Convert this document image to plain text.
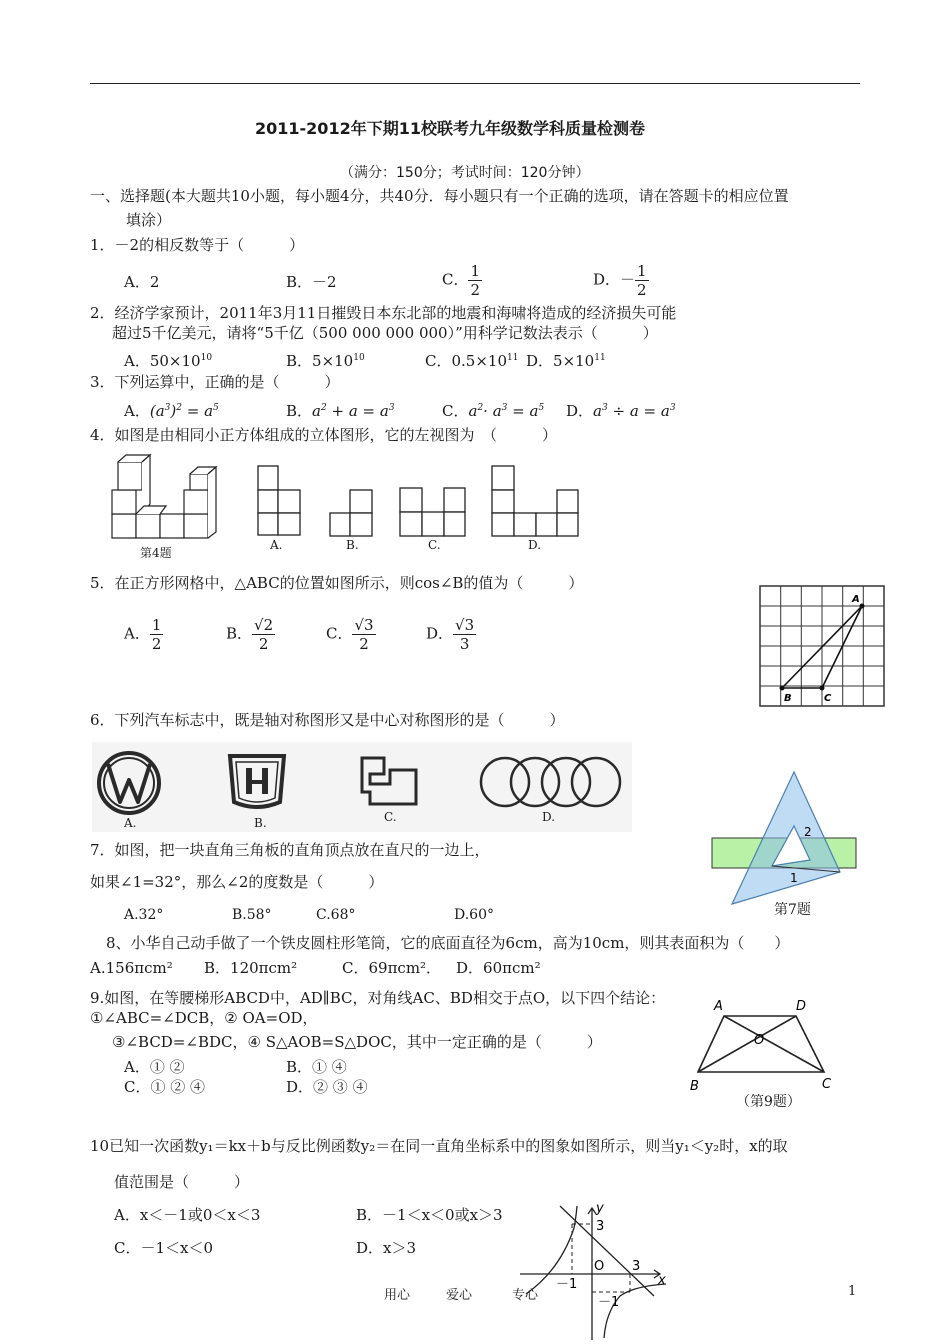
2011-2012年下期11校联考九年级数学科质量检测卷
（满分：150分；考试时间：120分钟）
一、选择题(本大题共10小题，每小题4分，共40分．每小题只有一个正确的选项，请在答题卡的相应位置
填涂）
1．－2的相反数等于（　　　）
A．2	B．－2	C． $\frac{1}{2}$	D．－ $\frac{1}{2}$
2．经济学家预计，2011年3月11日摧毁日本东北部的地震和海啸将造成的经济损失可能
超过5千亿美元，请将“5千亿（500 000 000 000）”用科学记数法表示（　　　）
A．$50\times 10^{10}$	B．$5\times 10^{10}$	C．$0.5\times 10^{11}$ D．$5\times 10^{11}$
3．下列运算中，正确的是（　　　）
A．$(a^3)^2 = a^5$	B．$a^2 + a = a^3$	C．$a^2\cdot a^3 = a^5$ D．$a^3 \div a = a^3$
4．如图是由相同小正方体组成的立体图形，它的左视图为　（　　　）
第4题
A.	B.	C.	D.
5．在正方形网格中，△ABC的位置如图所示，则cos∠B的值为（　　　）
A． $\frac{1}{2}$	B． $\frac{√2}{2}$	C． $\frac{√3}{2}$	D． $\frac{√3}{3}$
A
B	C
6．下列汽车标志中，既是轴对称图形又是中心对称图形的是（　　　）
A.	B.	C.	D.
7．如图，把一块直角三角板的直角顶点放在直尺的一边上，
如果∠1=32°，那么∠2的度数是（　　　）
A.32°	B.58°	C.68°	D.60°
2
1
第7题
8、小华自己动手做了一个铁皮圆柱形笔筒，它的底面直径为6cm，高为10cm，则其表面积为（　　）
A.156πcm² B．120πcm²	C．69πcm²． D．60πcm²
9.如图，在等腰梯形ABCD中，AD∥BC，对角线AC、BD相交于点O，以下四个结论：
①∠ABC=∠DCB，② OA=OD，
③∠BCD=∠BDC，④ S△AOB=S△DOC，其中一定正确的是（　　　）
A．① ②	B．① ④
C．① ② ④	D．② ③ ④
A	D
O
B	C
（第9题）
10已知一次函数y₁＝kx＋b与反比例函数y₂＝在同一直角坐标系中的图象如图所示，则当y₁＜y₂时，x的取
值范围是（　　　）
A．x＜－1或0＜x＜3	B．－1＜x＜0或x＞3
C．－1＜x＜0	D．x＞3
y
x
O
3
－1
3
－1
用心	爱心	专心	1
